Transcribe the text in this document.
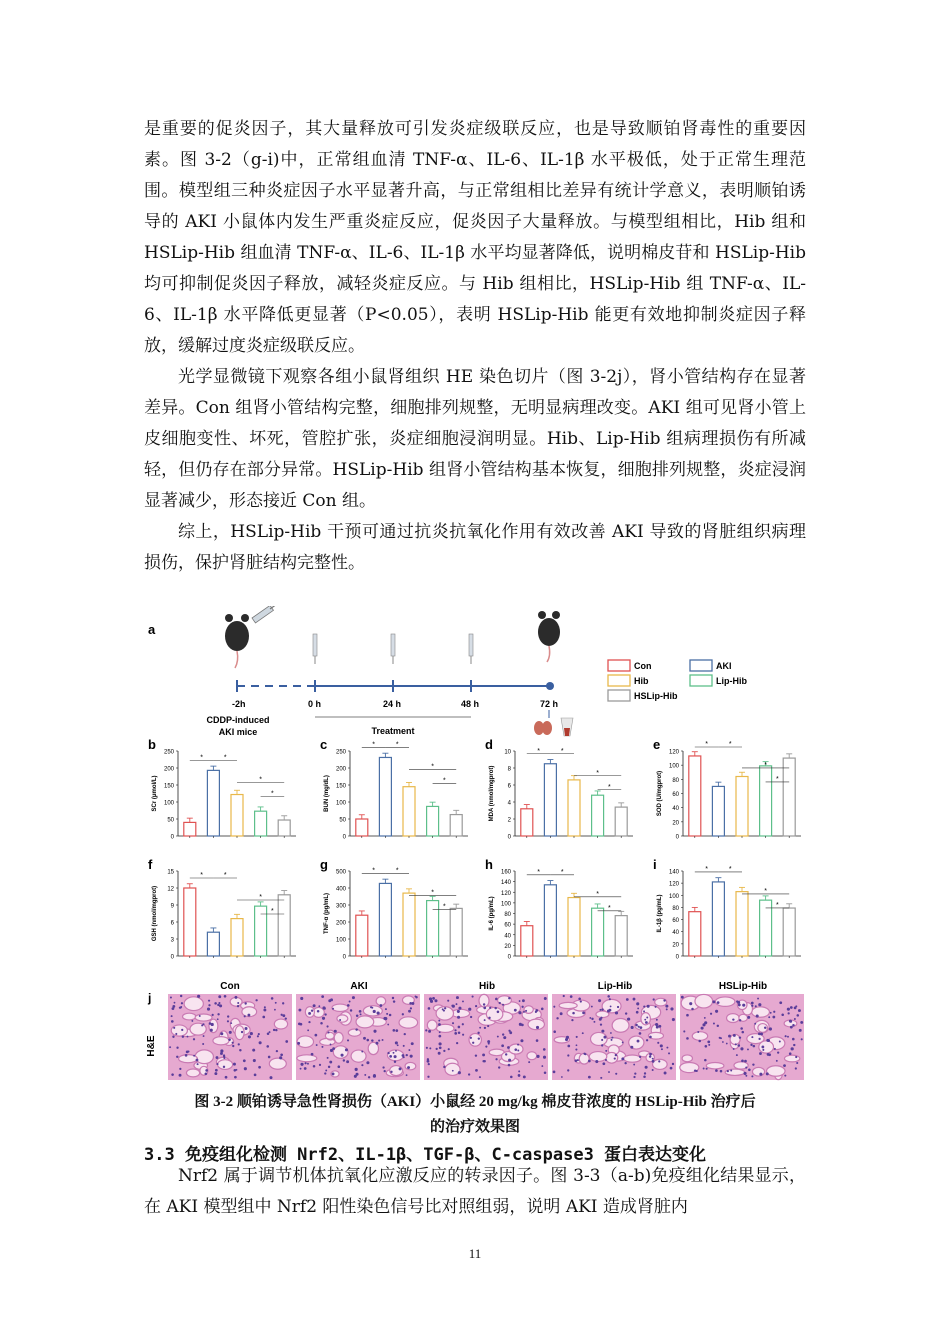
是重要的促炎因子，其大量释放可引发炎症级联反应，也是导致顺铂肾毒性的重要因素。图 3-2（g-i)中，正常组血清 TNF-α、IL-6、IL-1β 水平极低，处于正常生理范围。模型组三种炎症因子水平显著升高，与正常组相比差异有统计学意义，表明顺铂诱导的 AKI 小鼠体内发生严重炎症反应，促炎因子大量释放。与模型组相比，Hib 组和 HSLip-Hib 组血清 TNF-α、IL-6、IL-1β 水平均显著降低，说明棉皮苷和 HSLip-Hib 均可抑制促炎因子释放，减轻炎症反应。与 Hib 组相比，HSLip-Hib 组 TNF-α、IL-6、IL-1β 水平降低更显著（P<0.05），表明 HSLip-Hib 能更有效地抑制炎症因子释放，缓解过度炎症级联反应。

光学显微镜下观察各组小鼠肾组织 HE 染色切片（图 3-2j），肾小管结构存在显著差异。Con 组肾小管结构完整，细胞排列规整，无明显病理改变。AKI 组可见肾小管上皮细胞变性、坏死，管腔扩张，炎症细胞浸润明显。Hib、Lip-Hib 组病理损伤有所减轻，但仍存在部分异常。HSLip-Hib 组肾小管结构基本恢复，细胞排列规整，炎症浸润显著减少，形态接近 Con 组。

综上，HSLip-Hib 干预可通过抗炎抗氧化作用有效改善 AKI 导致的肾脏组织病理损伤，保护肾脏结构完整性。

a
-2h	0 h	24 h	48 h	72 h
CDDP-induced
AKI mice	Treatment
Con	AKI
Hib	Lip-Hib
HSLip-Hib
b
0
50
100
150
200
250
SCr (μmol/L)
*	*
*
*
c
0
50
100
150
200
250
BUN (mg/dL)
*	*
*
*
d
0
2
4
6
8
10
MDA (nmol/mgprot)
*	*
*
*
e
0
20
40
60
80
100
120
SOD (U/mgprot)
*	*
*
*
f
0
3
6
9
12
15
GSH (nmol/mgprot)
*	*
*
*
g
0
100
200
300
400
500
TNF-α (pg/mL)
*	*
*
*
h
0
20
40
60
80
100
120
140
160
IL-6 (pg/mL)
*	*
*
*
i
0
20
40
60
80
100
120
140
IL-1β (pg/mL)
*	*
*
*
Con	AKI	Hib	Lip-Hib	HSLip-Hib
j
H&E
图 3-2 顺铂诱导急性肾损伤（AKI）小鼠经 20 mg/kg 棉皮苷浓度的 HSLip-Hib 治疗后
的治疗效果图
3.3 免疫组化检测 Nrf2、IL-1β、TGF-β、C-caspase3 蛋白表达变化

Nrf2 属于调节机体抗氧化应激反应的转录因子。图 3-3（a-b)免疫组化结果显示，在 AKI 模型组中 Nrf2 阳性染色信号比对照组弱，说明 AKI 造成肾脏内

11
